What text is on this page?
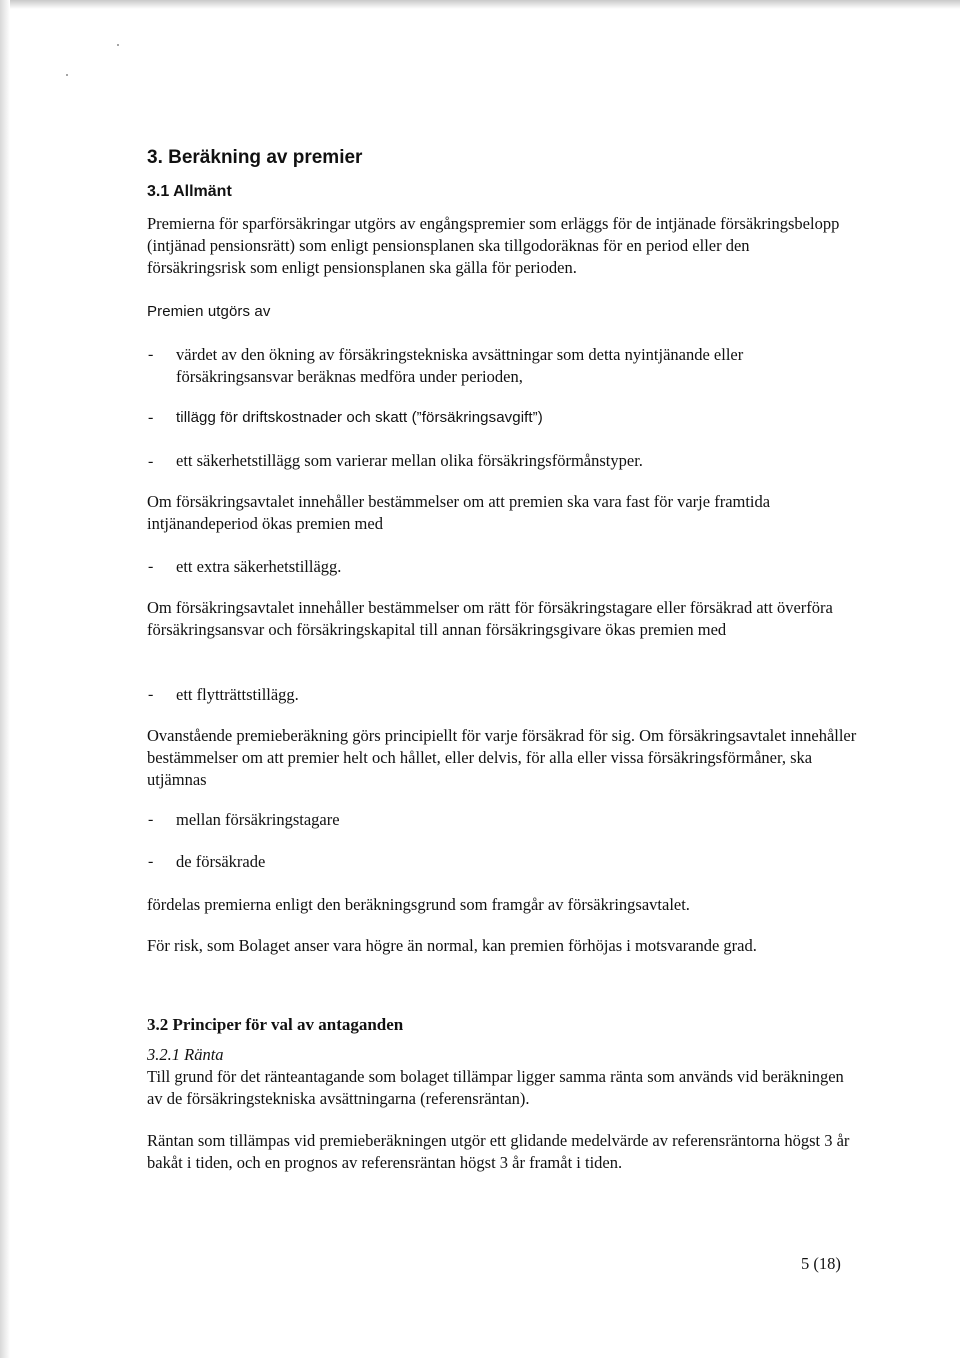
3. Beräkning av premier
3.1 Allmänt

Premierna för sparförsäkringar utgörs av engångspremier som erläggs för de intjänade försäkringsbelopp (intjänad pensionsrätt) som enligt pensionsplanen ska tillgodoräknas för en period eller den försäkringsrisk som enligt pensionsplanen ska gälla för perioden.

Premien utgörs av

- värdet av den ökning av försäkringstekniska avsättningar som detta nyintjänande eller försäkringsansvar beräknas medföra under perioden,

- tillägg för driftskostnader och skatt (”försäkringsavgift”)

- ett säkerhetstillägg som varierar mellan olika försäkringsförmånstyper.

Om försäkringsavtalet innehåller bestämmelser om att premien ska vara fast för varje framtida intjänandeperiod ökas premien med

- ett extra säkerhetstillägg.

Om försäkringsavtalet innehåller bestämmelser om rätt för försäkringstagare eller försäkrad att överföra försäkringsansvar och försäkringskapital till annan försäkringsgivare ökas premien med

- ett flytträttstillägg.

Ovanstående premieberäkning görs principiellt för varje försäkrad för sig. Om försäkringsavtalet innehåller bestämmelser om att premier helt och hållet, eller delvis, för alla eller vissa försäkringsförmåner, ska utjämnas

- mellan försäkringstagare

- de försäkrade

fördelas premierna enligt den beräkningsgrund som framgår av försäkringsavtalet.

För risk, som Bolaget anser vara högre än normal, kan premien förhöjas i motsvarande grad.

3.2 Principer för val av antaganden

3.2.1 Ränta

Till grund för det ränteantagande som bolaget tillämpar ligger samma ränta som används vid beräkningen av de försäkringstekniska avsättningarna (referensräntan).

Räntan som tillämpas vid premieberäkningen utgör ett glidande medelvärde av referensräntorna högst 3 år bakåt i tiden, och en prognos av referensräntan högst 3 år framåt i tiden.

5 (18)
